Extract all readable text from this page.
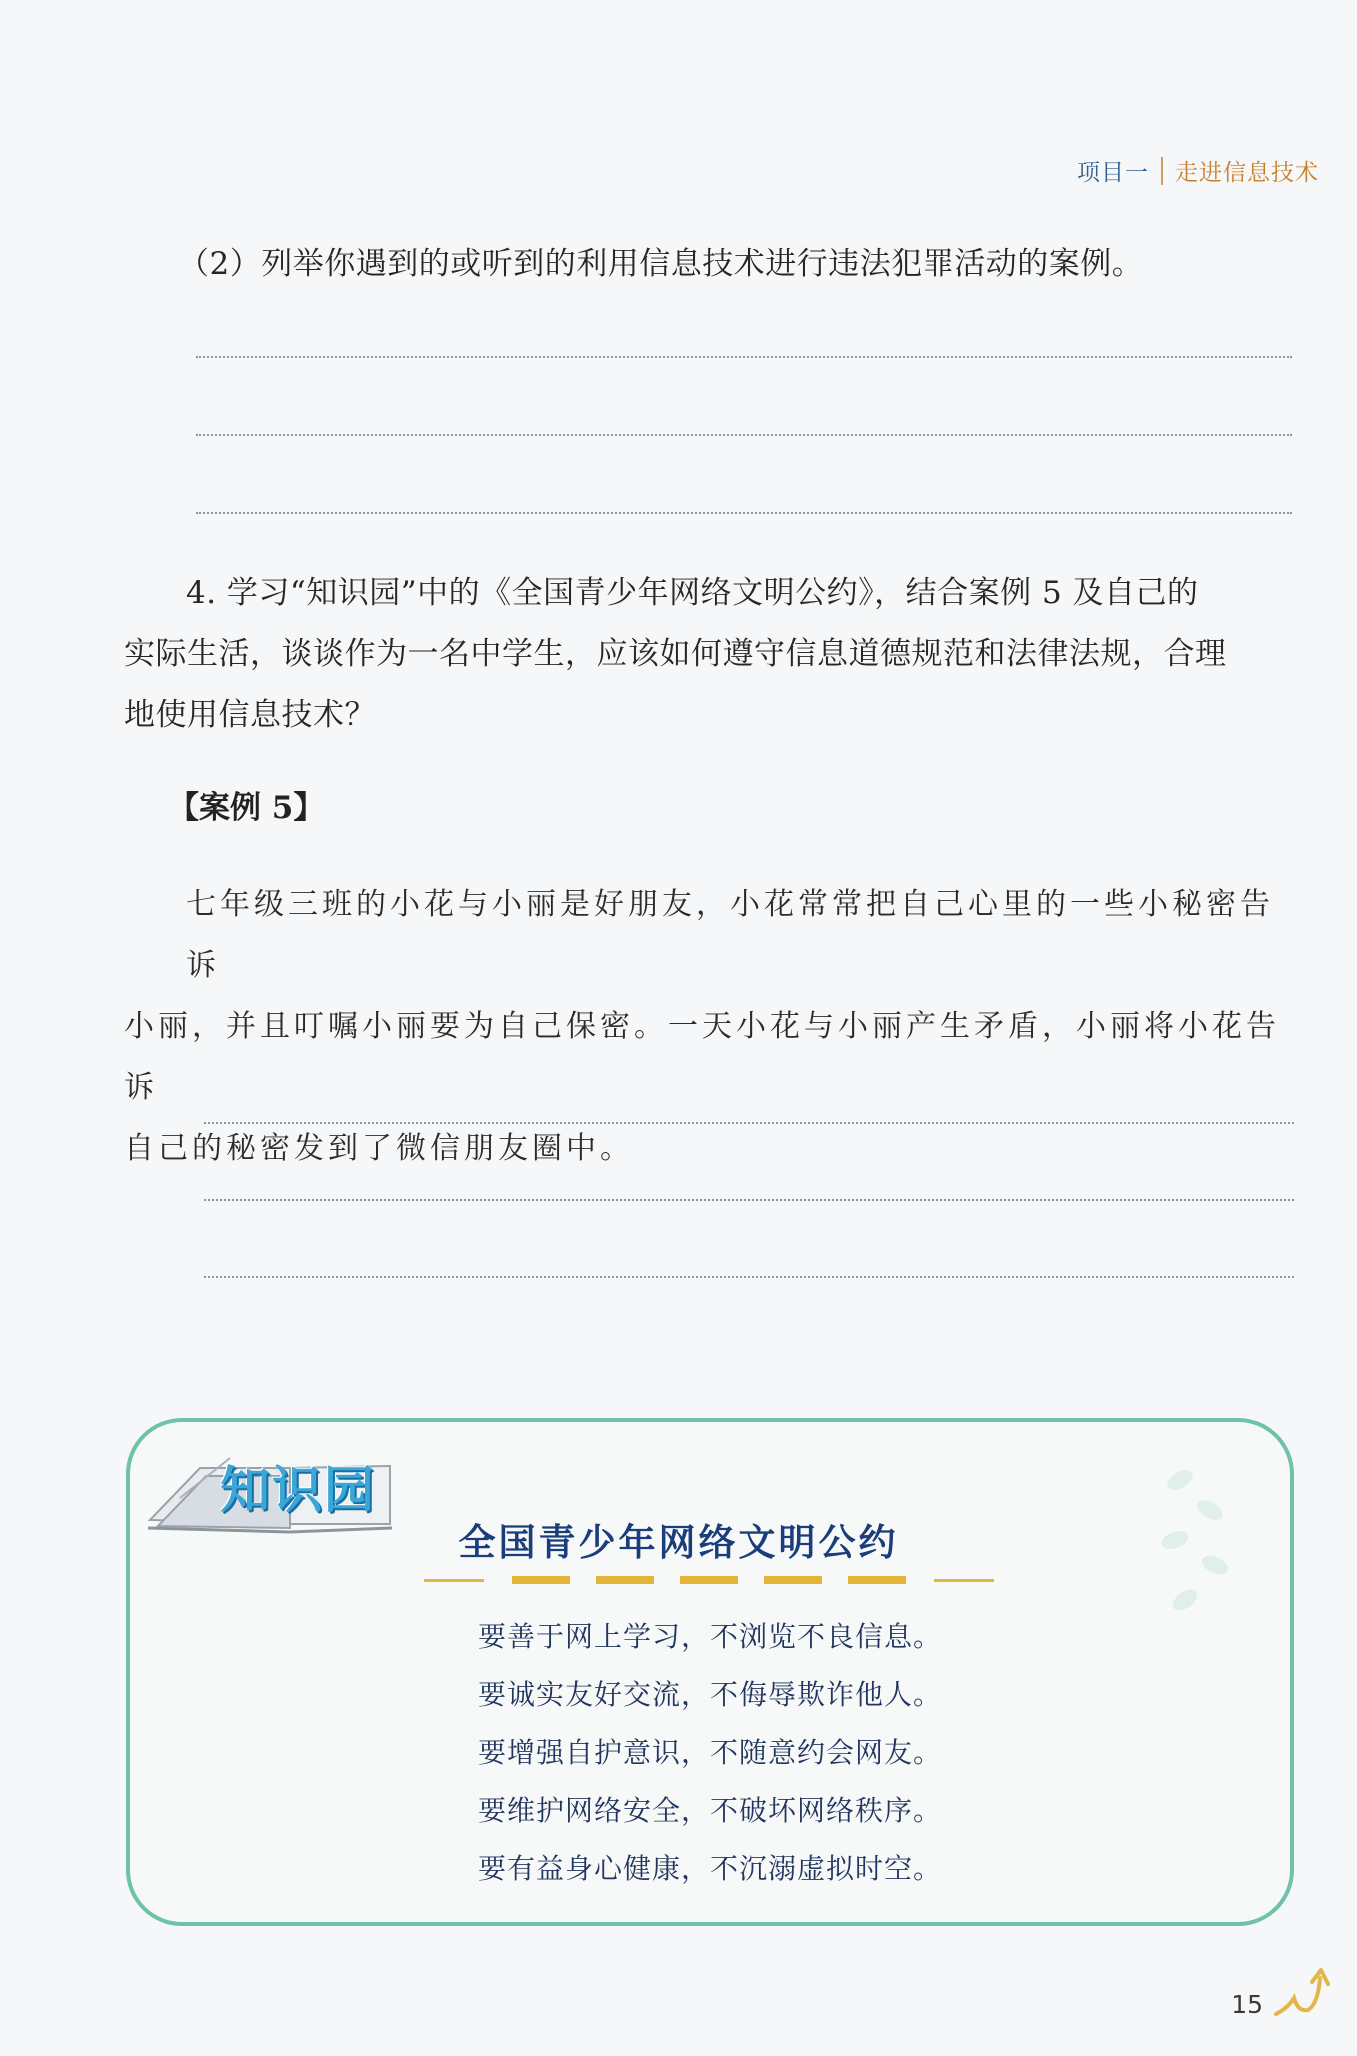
项目一 走进信息技术
（2）列举你遇到的或听到的利用信息技术进行违法犯罪活动的案例。

4. 学习“知识园”中的《全国青少年网络文明公约》，结合案例 5 及自己的

实际生活，谈谈作为一名中学生，应该如何遵守信息道德规范和法律法规，合理

地使用信息技术？

【案例 5】

七年级三班的小花与小丽是好朋友，小花常常把自己心里的一些小秘密告诉

小丽，并且叮嘱小丽要为自己保密。一天小花与小丽产生矛盾，小丽将小花告诉

自己的秘密发到了微信朋友圈中。

知识园
全国青少年网络文明公约
要善于网上学习，不浏览不良信息。
要诚实友好交流，不侮辱欺诈他人。
要增强自护意识，不随意约会网友。
要维护网络安全，不破坏网络秩序。
要有益身心健康，不沉溺虚拟时空。
15
